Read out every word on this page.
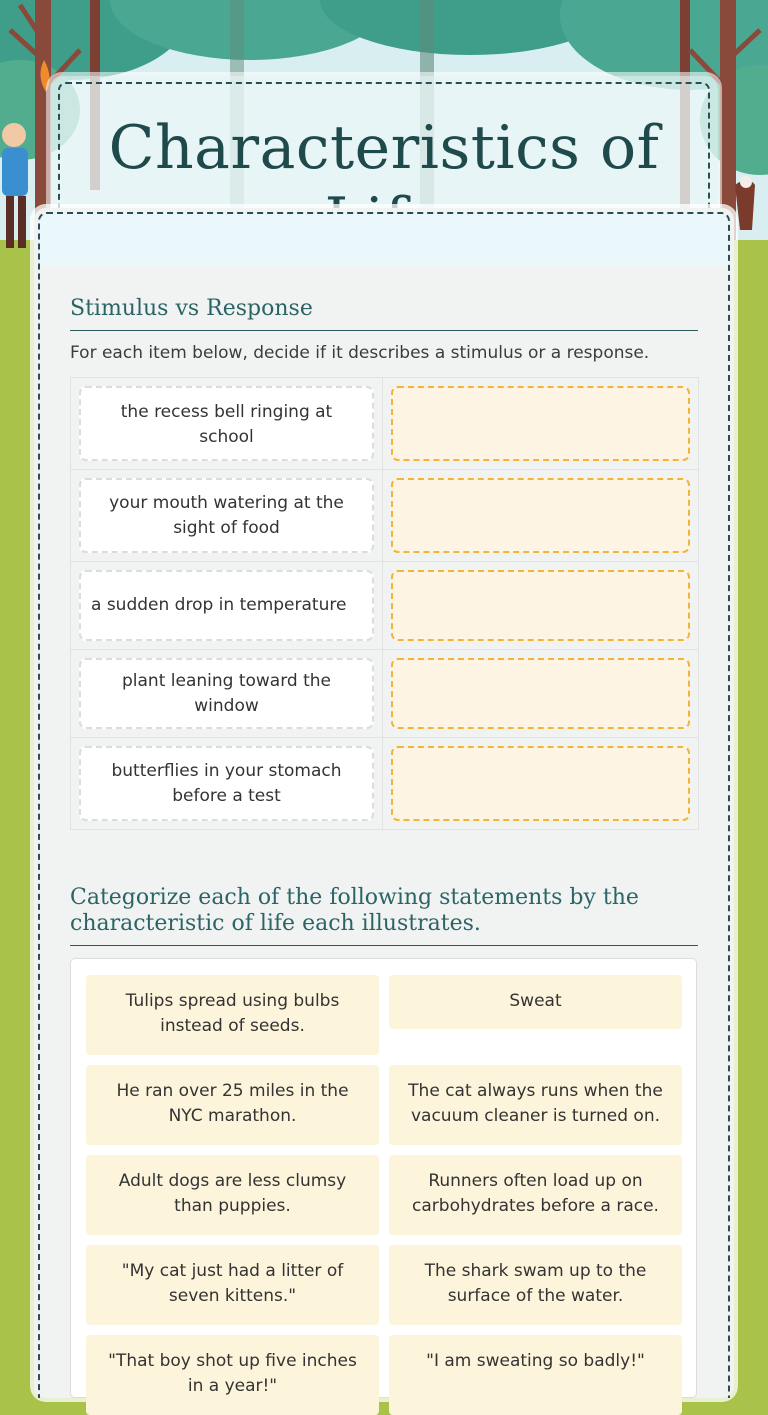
Characteristics of
Stimulus vs Response
For each item below, decide if it describes a stimulus or a response.
the recess bell ringing at school
your mouth watering at the sight of food
a sudden drop in temperature
plant leaning toward the window
butterflies in your stomach before a test
Categorize each of the following statements by the characteristic of life each illustrates.
Tulips spread using bulbs instead of seeds.
Sweat
He ran over 25 miles in the NYC marathon.
The cat always runs when the vacuum cleaner is turned on.
Adult dogs are less clumsy than puppies.
Runners often load up on carbohydrates before a race.
"My cat just had a litter of seven kittens."
The shark swam up to the surface of the water.
"That boy shot up five inches in a year!"
"I am sweating so badly!"
